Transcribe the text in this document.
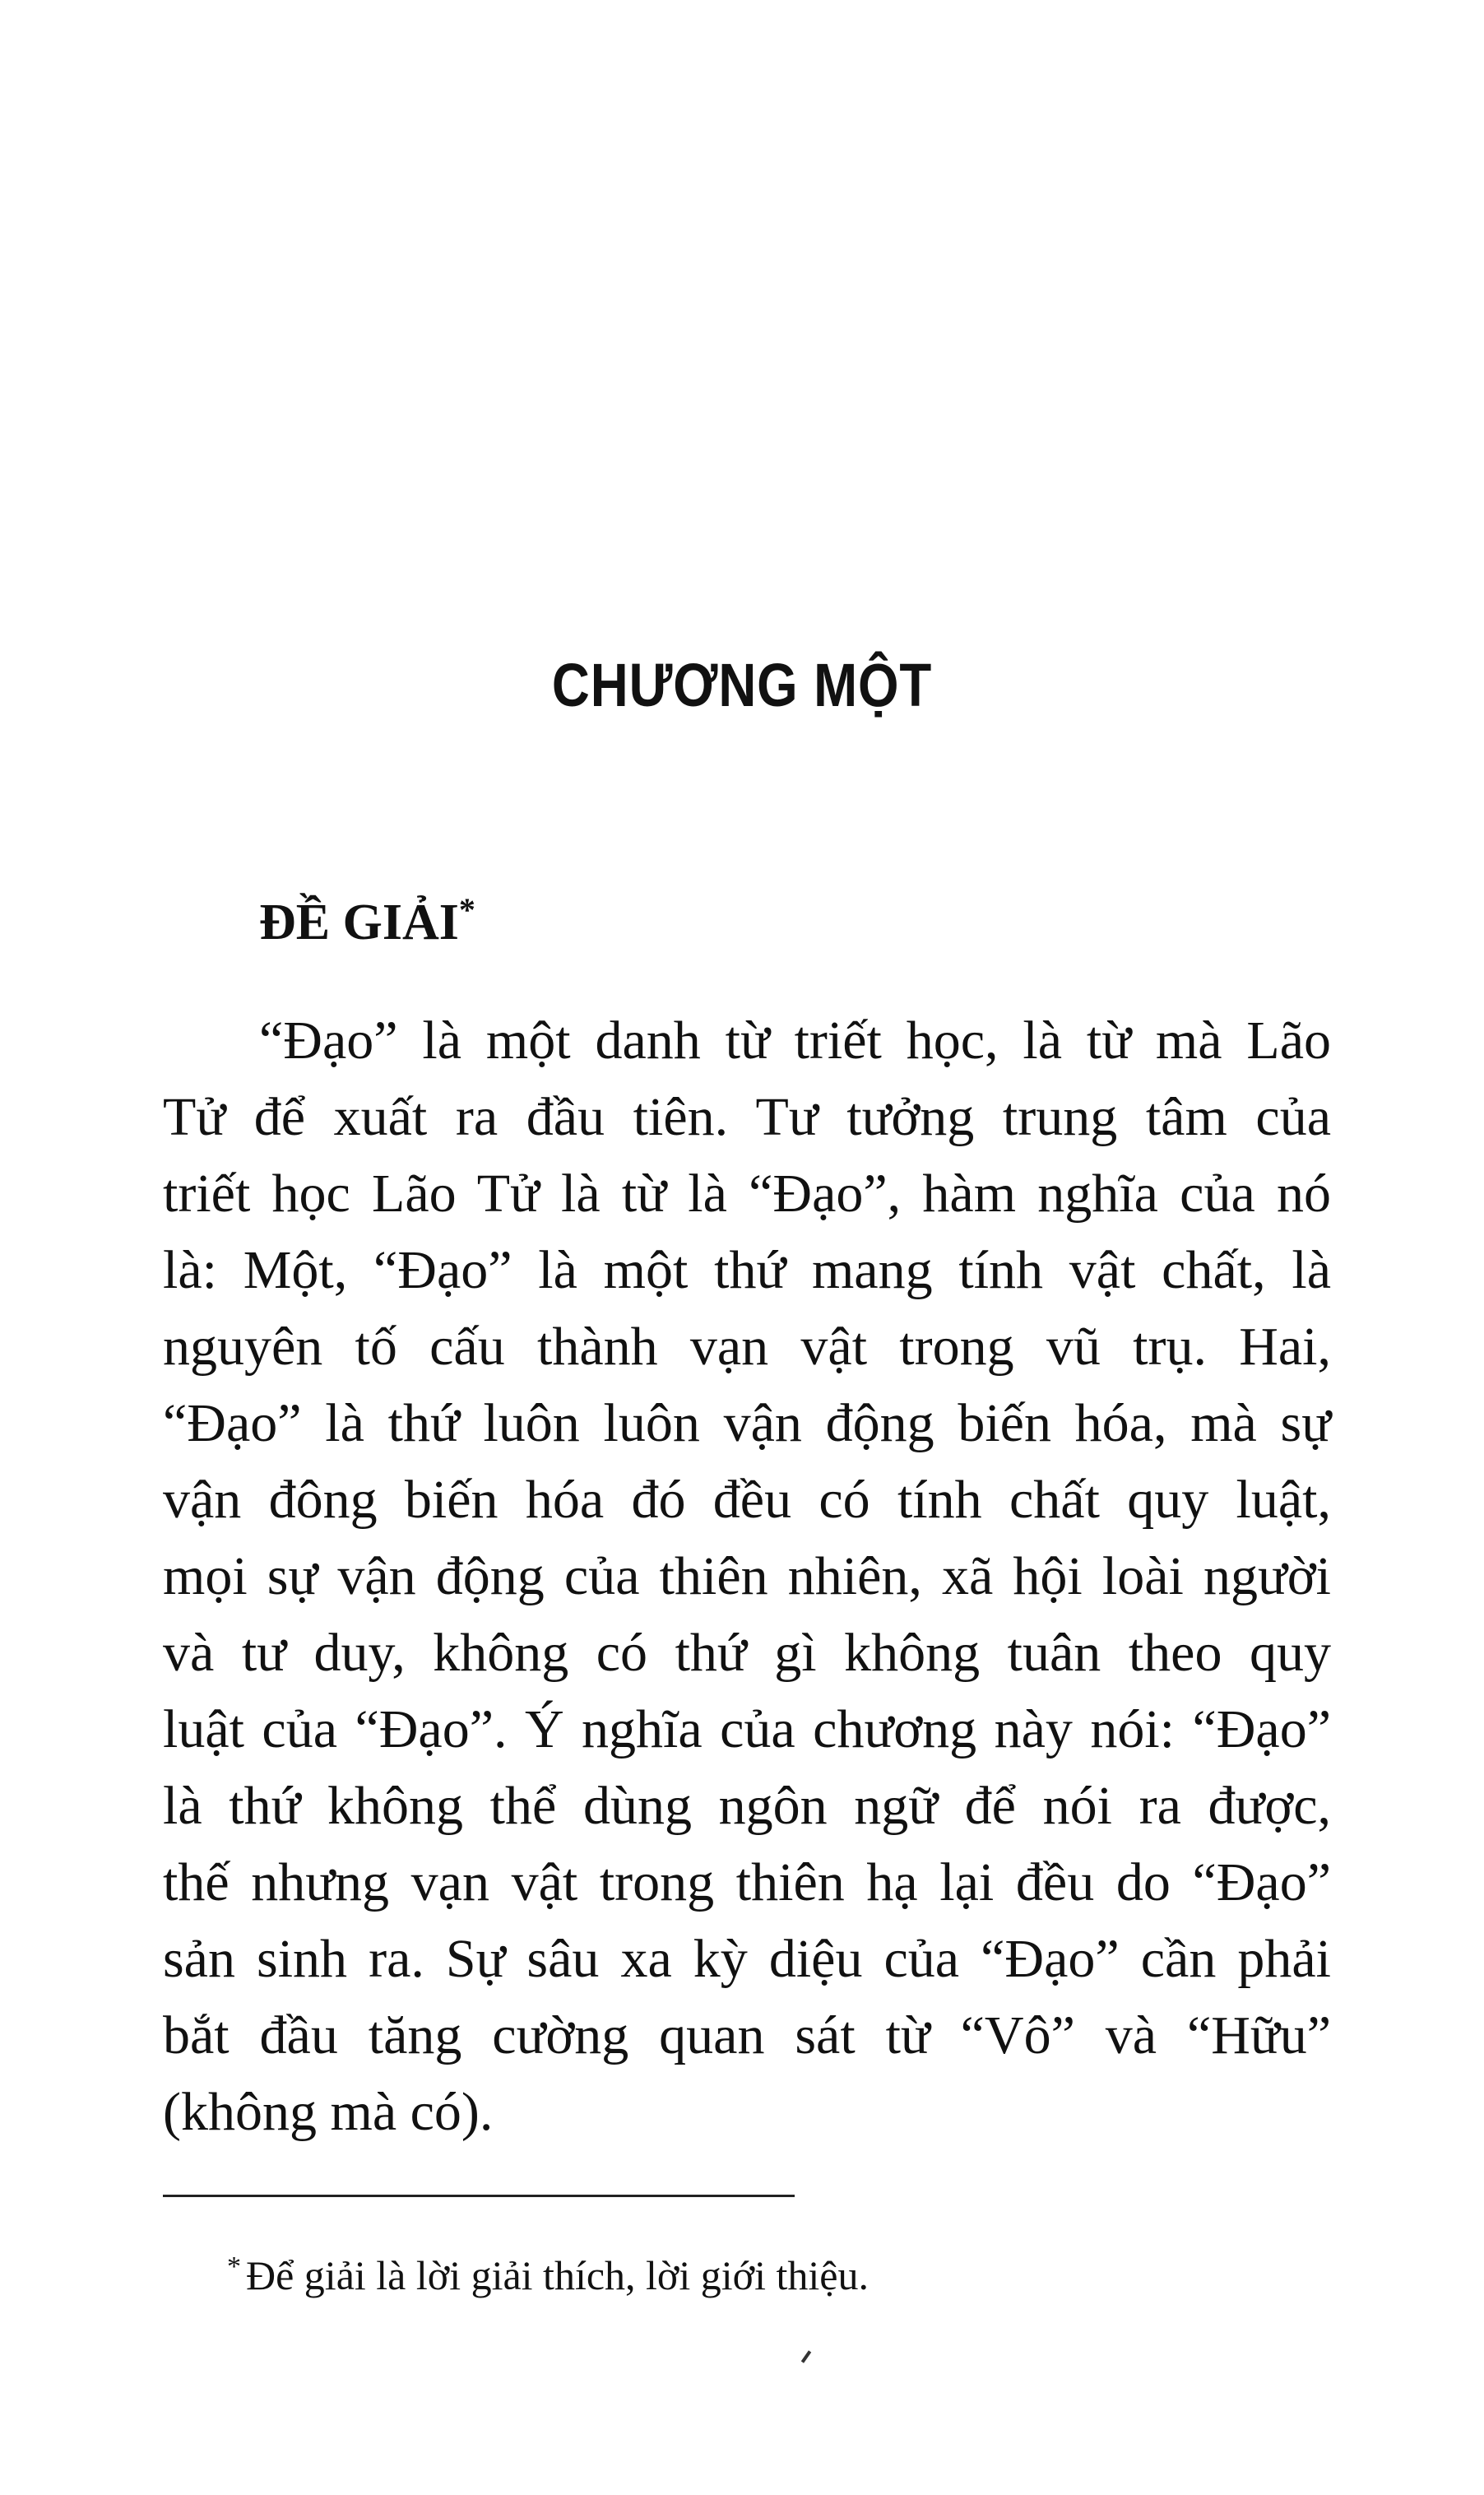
CHƯƠNG MỘT
ĐỀ GIẢI*
“Đạo” là một danh từ triết học, là từ mà Lão
Tử để xuất ra đầu tiên. Tư tưởng trung tâm của
triết học Lão Tử là từ là “Đạo”, hàm nghĩa của nó
là: Một, “Đạo” là một thứ mang tính vật chất, là
nguyên tố cấu thành vạn vật trong vũ trụ. Hai,
“Đạo” là thứ luôn luôn vận động biến hóa, mà sự
vận đông biến hóa đó đều có tính chất quy luật,
mọi sự vận động của thiên nhiên, xã hội loài người
và tư duy, không có thứ gì không tuân theo quy
luật của “Đạo”. Ý nghĩa của chương này nói: “Đạo”
là thứ không thể dùng ngôn ngữ để nói ra được,
thế nhưng vạn vật trong thiên hạ lại đều do “Đạo”
sản sinh ra. Sự sâu xa kỳ diệu của “Đạo” cần phải
bắt đầu tăng cường quan sát từ “Vô” và “Hữu”
(không mà có).
* Để giải là lời giải thích, lời giới thiệu.
